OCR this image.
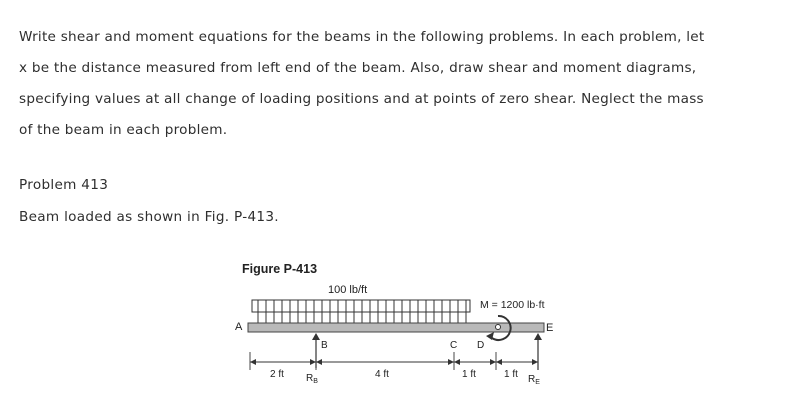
Write shear and moment equations for the beams in the following problems. In each problem, let
x be the distance measured from left end of the beam. Also, draw shear and moment diagrams,
specifying values at all change of loading positions and at points of zero shear. Neglect the mass
of the beam in each problem.
Problem 413
Beam loaded as shown in Fig. P-413.
Figure P-413
100 lb/ft
A
B	C D
E
M = 1200 lb·ft
$R_B$	$R_E$
2 ft	4 ft	1 ft	1 ft
